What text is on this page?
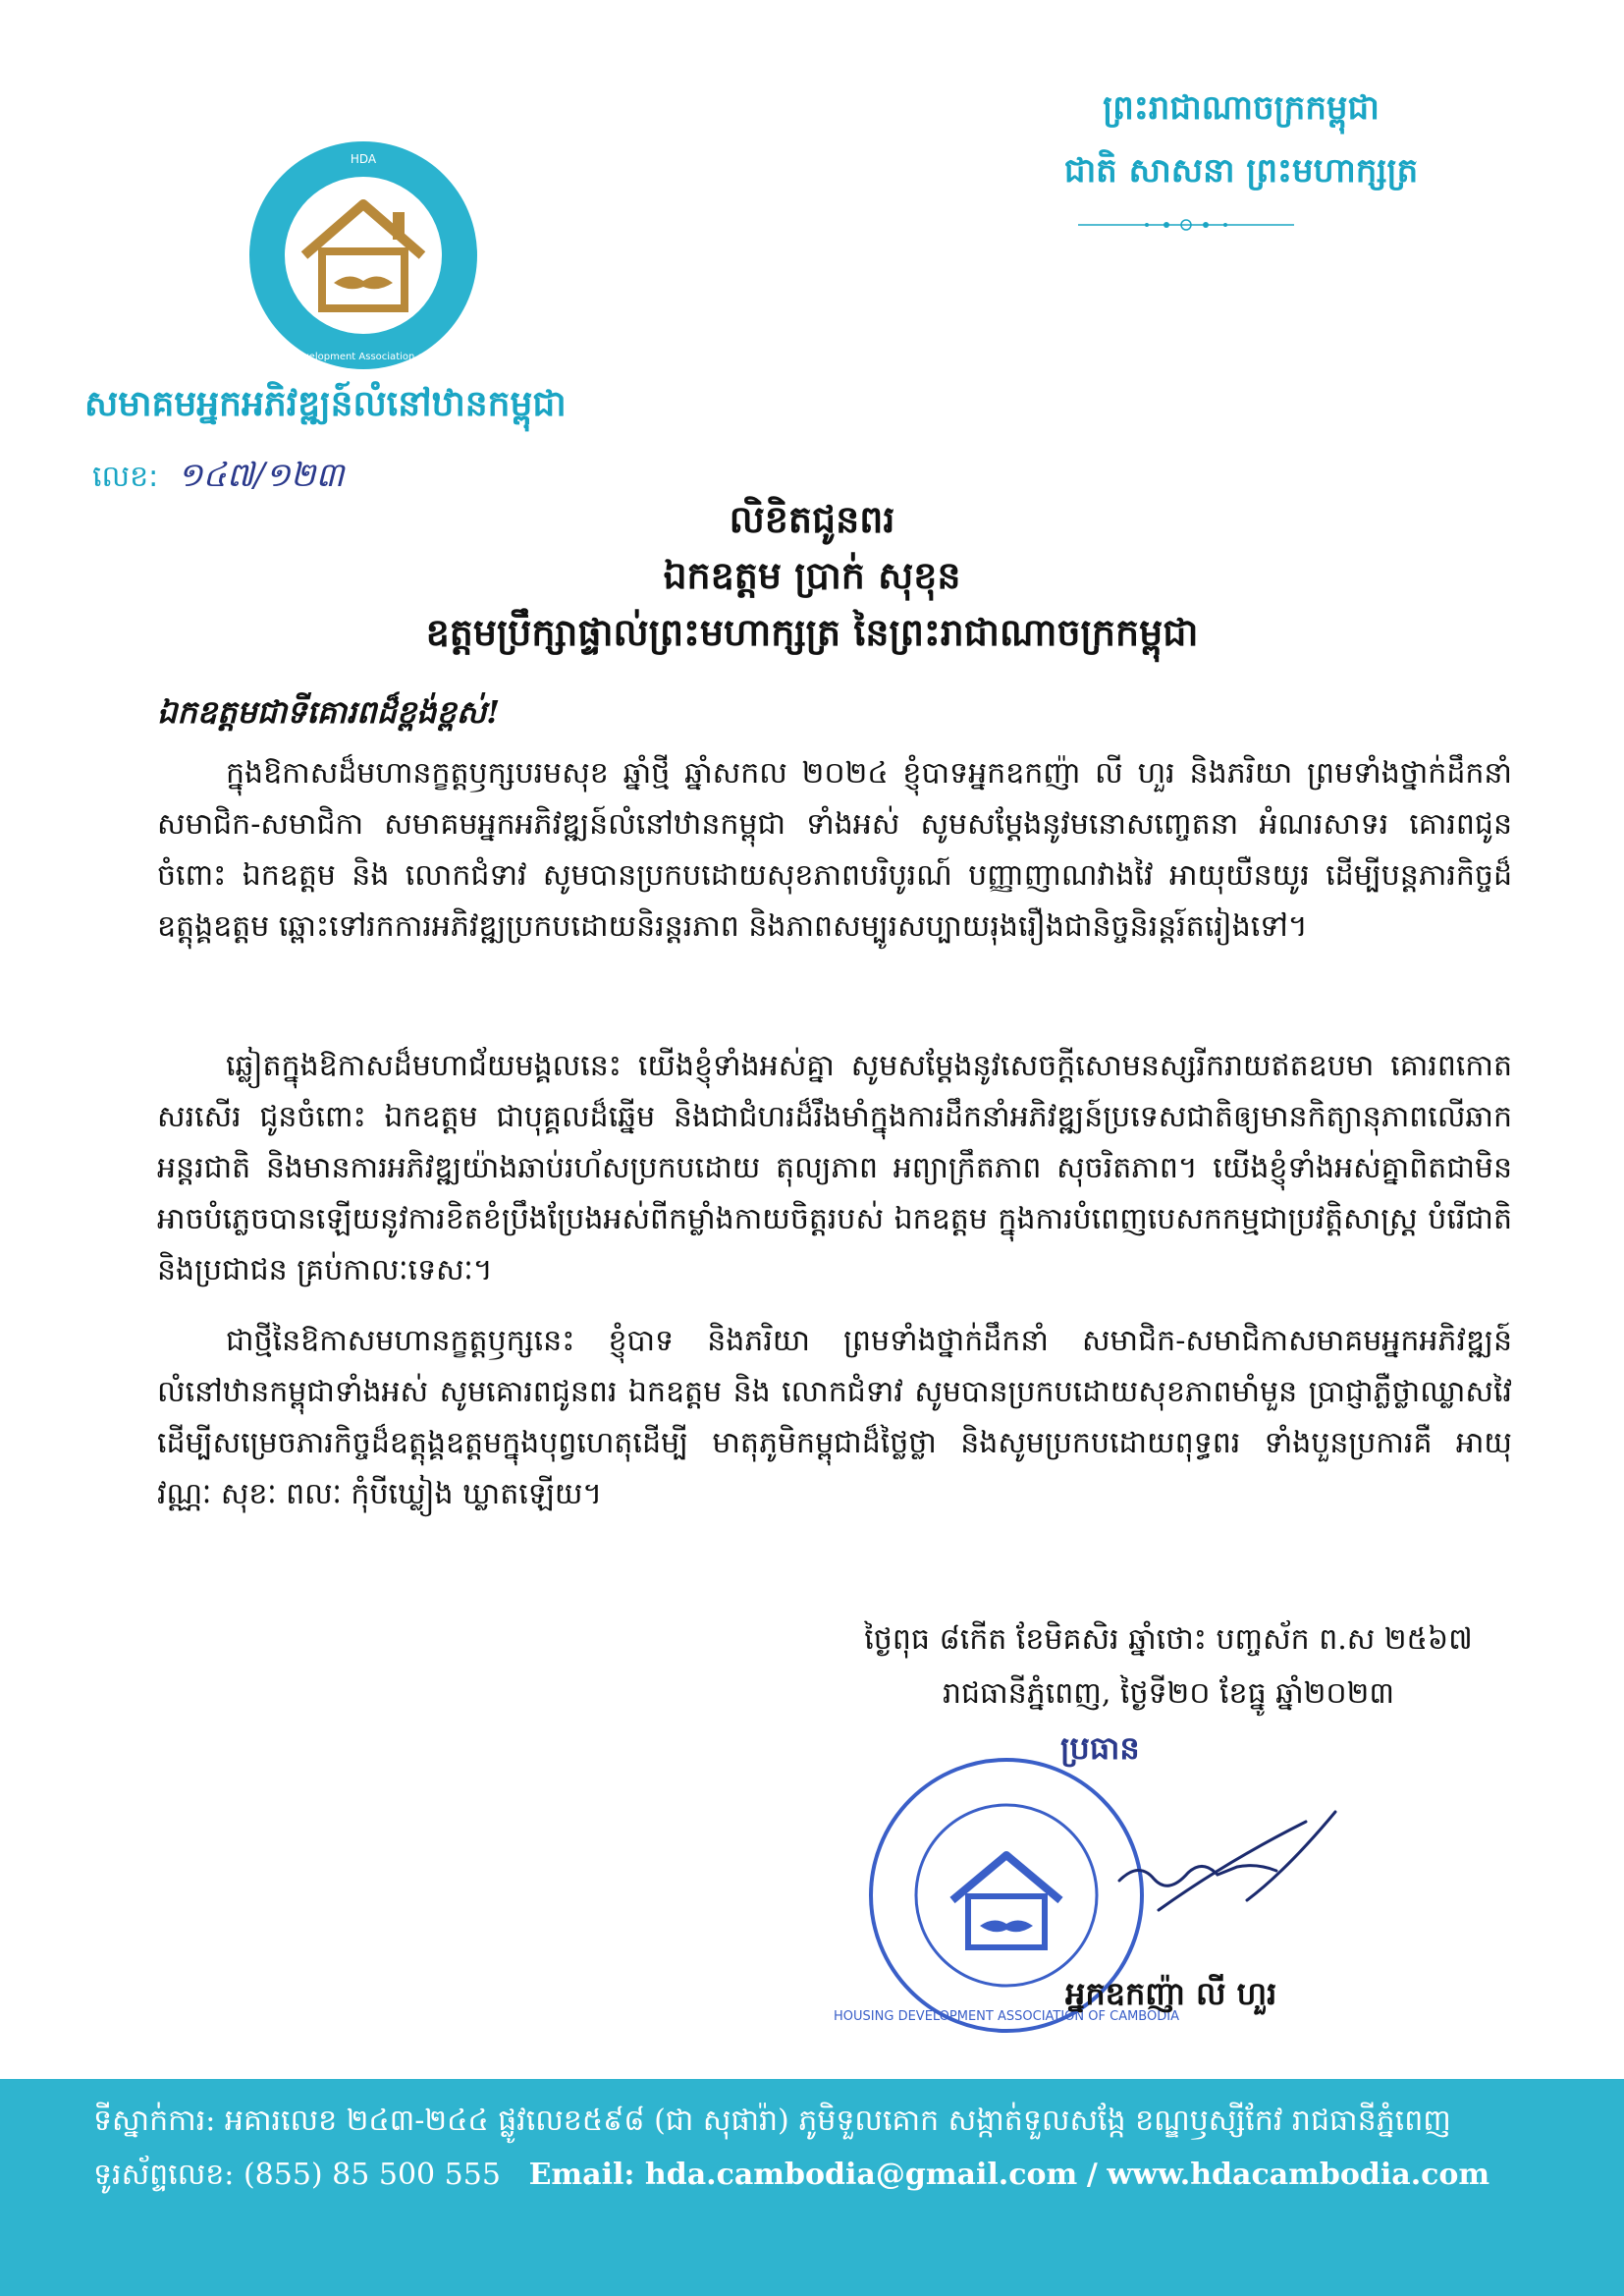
ព្រះរាជាណាចក្រកម្ពុជា
ជាតិ សាសនា ព្រះមហាក្សត្រ
HDA
Housing Development Association of Cambodia
សមាគមអ្នកអភិវឌ្ឍន៍លំនៅឋានកម្ពុជា
លេខ: ១៤៧/១២៣
លិខិតជូនពរ
ឯកឧត្តម ប្រាក់ សុខុន
ឧត្តមប្រឹក្សាផ្ទាល់ព្រះមហាក្សត្រ នៃព្រះរាជាណាចក្រកម្ពុជា
ឯកឧត្តមជាទីគោរពដ៏ខ្ពង់ខ្ពស់!
ក្នុងឱកាសដ៏មហានក្ខត្តឫក្សបរមសុខ ឆ្នាំថ្មី ឆ្នាំសកល ២០២៤ ខ្ញុំបាទអ្នកឧកញ៉ា លី ហួរ និងភរិយា ព្រមទាំងថ្នាក់ដឹកនាំ សមាជិក-សមាជិកា សមាគមអ្នកអភិវឌ្ឍន៍លំនៅឋានកម្ពុជា ទាំងអស់ សូមសម្តែងនូវមនោសញ្ចេតនា អំណរសាទរ គោរពជូនចំពោះ ឯកឧត្តម និង លោកជំទាវ សូមបានប្រកបដោយសុខភាពបរិបូរណ៍ បញ្ញាញាណវាងវៃ អាយុយឺនយូរ ដើម្បីបន្តភារកិច្ចដ៏ឧត្តុង្គឧត្តម ឆ្ពោះទៅរកការអភិវឌ្ឍប្រកបដោយនិរន្តរភាព និងភាពសម្បូរសប្បាយរុងរឿងជានិច្ចនិរន្តរ៍តរៀងទៅ។
ឆ្លៀតក្នុងឱកាសដ៏មហាជ័យមង្គលនេះ យើងខ្ញុំទាំងអស់គ្នា សូមសម្តែងនូវសេចក្តីសោមនស្សរីករាយឥតឧបមា គោរពកោតសរសើរ ជូនចំពោះ ឯកឧត្តម ជាបុគ្គលដ៏ឆ្នើម និងជាជំហរដ៏រឹងមាំក្នុងការដឹកនាំអភិវឌ្ឍន៍ប្រទេសជាតិឲ្យមានកិត្យានុភាពលើឆាកអន្តរជាតិ និងមានការអភិវឌ្ឍយ៉ាងឆាប់រហ័សប្រកបដោយ តុល្យភាព អព្យាក្រឹតភាព សុចរិតភាព។ យើងខ្ញុំទាំងអស់គ្នាពិតជាមិនអាចបំភ្លេចបានឡើយនូវការខិតខំប្រឹងប្រែងអស់ពីកម្លាំងកាយចិត្តរបស់ ឯកឧត្តម ក្នុងការបំពេញបេសកកម្មជាប្រវត្តិសាស្ត្រ បំរើជាតិ និងប្រជាជន គ្រប់កាលៈទេសៈ។
ជាថ្មីនៃឱកាសមហានក្ខត្តឫក្សនេះ ខ្ញុំបាទ និងភរិយា ព្រមទាំងថ្នាក់ដឹកនាំ សមាជិក-សមាជិកាសមាគមអ្នកអភិវឌ្ឍន៍លំនៅឋានកម្ពុជាទាំងអស់ សូមគោរពជូនពរ ឯកឧត្តម និង លោកជំទាវ សូមបានប្រកបដោយសុខភាពមាំមួន ប្រាជ្ញាភ្លឺថ្លាឈ្លាសវៃ ដើម្បីសម្រេចភារកិច្ចដ៏ឧត្តុង្គឧត្តមក្នុងបុព្វហេតុដើម្បី មាតុភូមិកម្ពុជាដ៏ថ្លៃថ្លា និងសូមប្រកបដោយពុទ្ធពរ ទាំងបួនប្រការគឺ អាយុ វណ្ណៈ សុខៈ ពលៈ កុំបីឃ្លៀង ឃ្លាតឡើយ។
ថ្ងៃពុធ ៨កើត ខែមិគសិរ ឆ្នាំថោះ បញ្ចស័ក ព.ស ២៥៦៧
រាជធានីភ្នំពេញ, ថ្ងៃទី២០ ខែធ្នូ ឆ្នាំ២០២៣
ប្រធាន
HOUSING DEVELOPMENT ASSOCIATION OF CAMBODIA
អ្នកឧកញ៉ា លី ហួរ
ទីស្នាក់ការ: អគារលេខ ២៤៣-២៤៤ ផ្លូវលេខ៥៩៨ (ជា សុផារ៉ា) ភូមិទួលគោក សង្កាត់ទួលសង្កែ ខណ្ឌឫស្សីកែវ រាជធានីភ្នំពេញ
ទូរស័ព្ទលេខ: (855) 85 500 555 Email: hda.cambodia@gmail.com / www.hdacambodia.com
